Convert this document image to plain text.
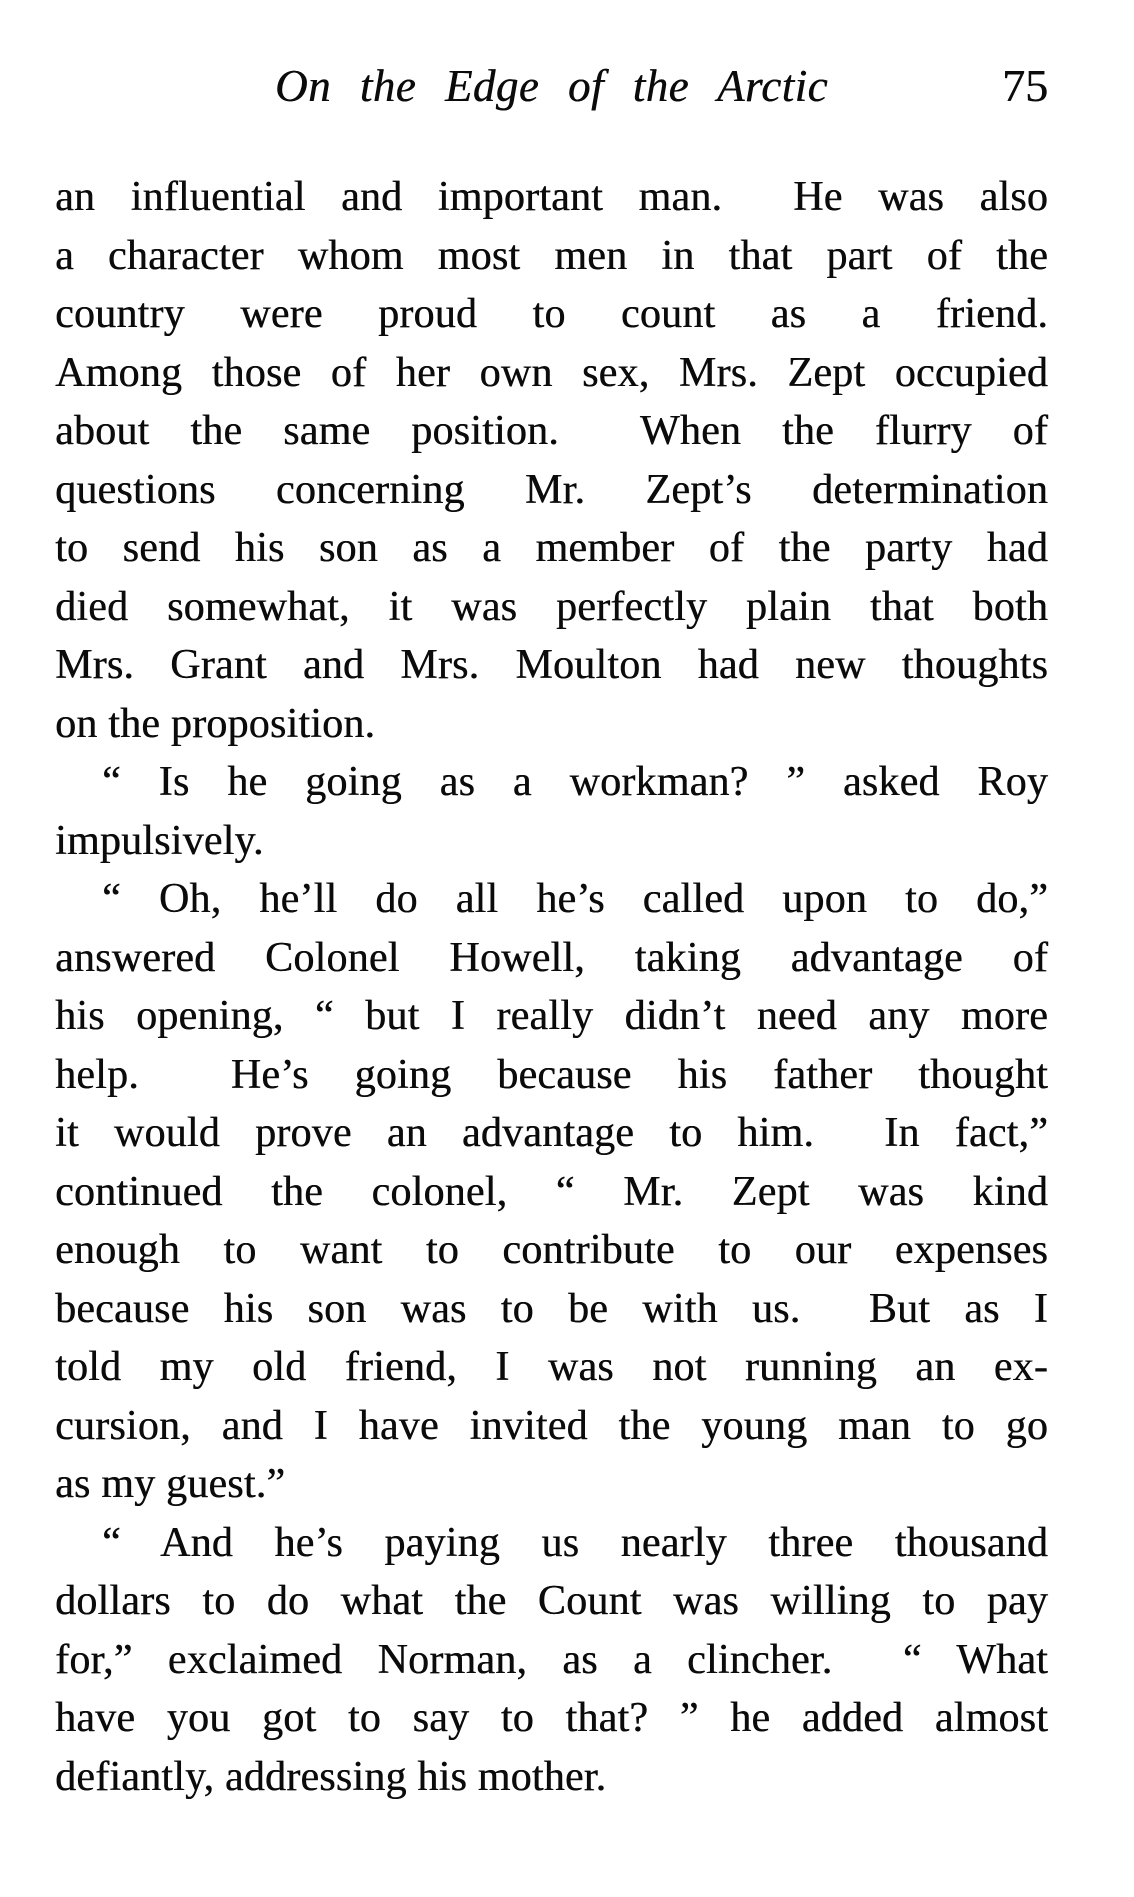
On the Edge of the Arctic	75
an influential and important man.  He was also
a character whom most men in that part of the
country were proud to count as a friend.
Among those of her own sex, Mrs. Zept occupied
about the same position.  When the flurry of
questions concerning Mr. Zept’s determination
to send his son as a member of the party had
died somewhat, it was perfectly plain that both
Mrs. Grant and Mrs. Moulton had new thoughts
on the proposition.
“ Is he going as a workman? ” asked Roy
impulsively.
“ Oh, he’ll do all he’s called upon to do,”
answered Colonel Howell, taking advantage of
his opening, “ but I really didn’t need any more
help.  He’s going because his father thought
it would prove an advantage to him.  In fact,”
continued the colonel, “ Mr. Zept was kind
enough to want to contribute to our expenses
because his son was to be with us.  But as I
told my old friend, I was not running an ex-
cursion, and I have invited the young man to go
as my guest.”
“ And he’s paying us nearly three thousand
dollars to do what the Count was willing to pay
for,” exclaimed Norman, as a clincher.  “ What
have you got to say to that? ” he added almost
defiantly, addressing his mother.
